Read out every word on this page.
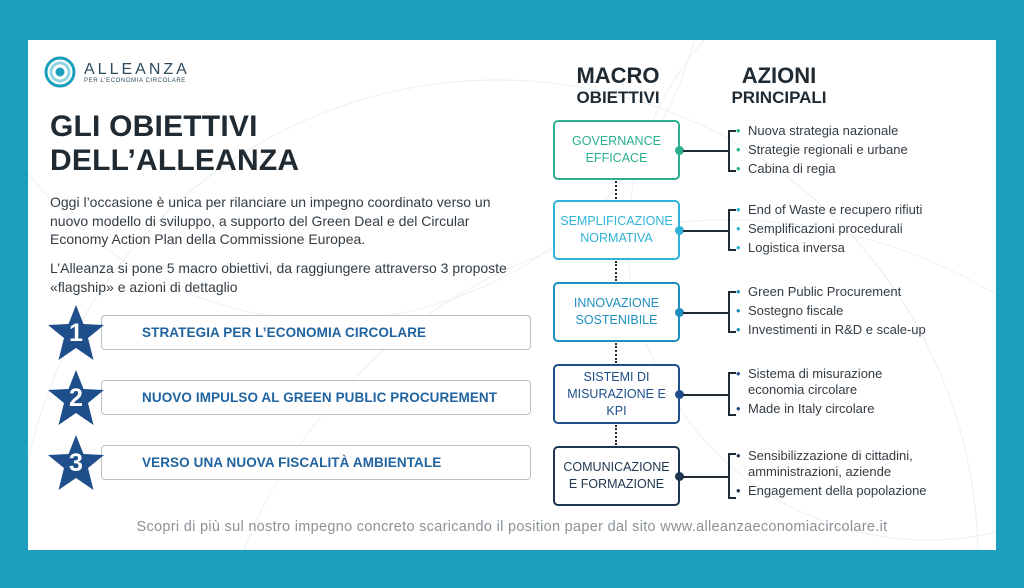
ALLEANZA
PER L'ECONOMIA CIRCOLARE
GLI OBIETTIVI
DELL’ALLEANZA

Oggi l’occasione è unica per rilanciare un impegno coordinato verso un nuovo modello di sviluppo, a supporto del Green Deal e del Circular Economy Action Plan della Commissione Europea.

L’Alleanza si pone 5 macro obiettivi, da raggiungere attraverso 3 proposte «flagship» e azioni di dettaglio

STRATEGIA PER L’ECONOMIA CIRCOLARE
1
NUOVO IMPULSO AL GREEN PUBLIC PROCUREMENT
2
VERSO UNA NUOVA FISCALITÀ AMBIENTALE
3
MACRO
OBIETTIVI
AZIONI
PRINCIPALI
GOVERNANCE EFFICACE
• Nuova strategia nazionale
• Strategie regionali e urbane
• Cabina di regia
SEMPLIFICAZIONE NORMATIVA
• End of Waste e recupero rifiuti
• Semplificazioni procedurali
• Logistica inversa
INNOVAZIONE SOSTENIBILE
• Green Public Procurement
• Sostegno fiscale
• Investimenti in R&D e scale-up
SISTEMI DI MISURAZIONE E KPI
• Sistema di misurazione economia circolare
• Made in Italy circolare
COMUNICAZIONE E FORMAZIONE
• Sensibilizzazione di cittadini, amministrazioni, aziende
• Engagement della popolazione
Scopri di più sul nostro impegno concreto scaricando il position paper dal sito www.alleanzaeconomiacircolare.it
